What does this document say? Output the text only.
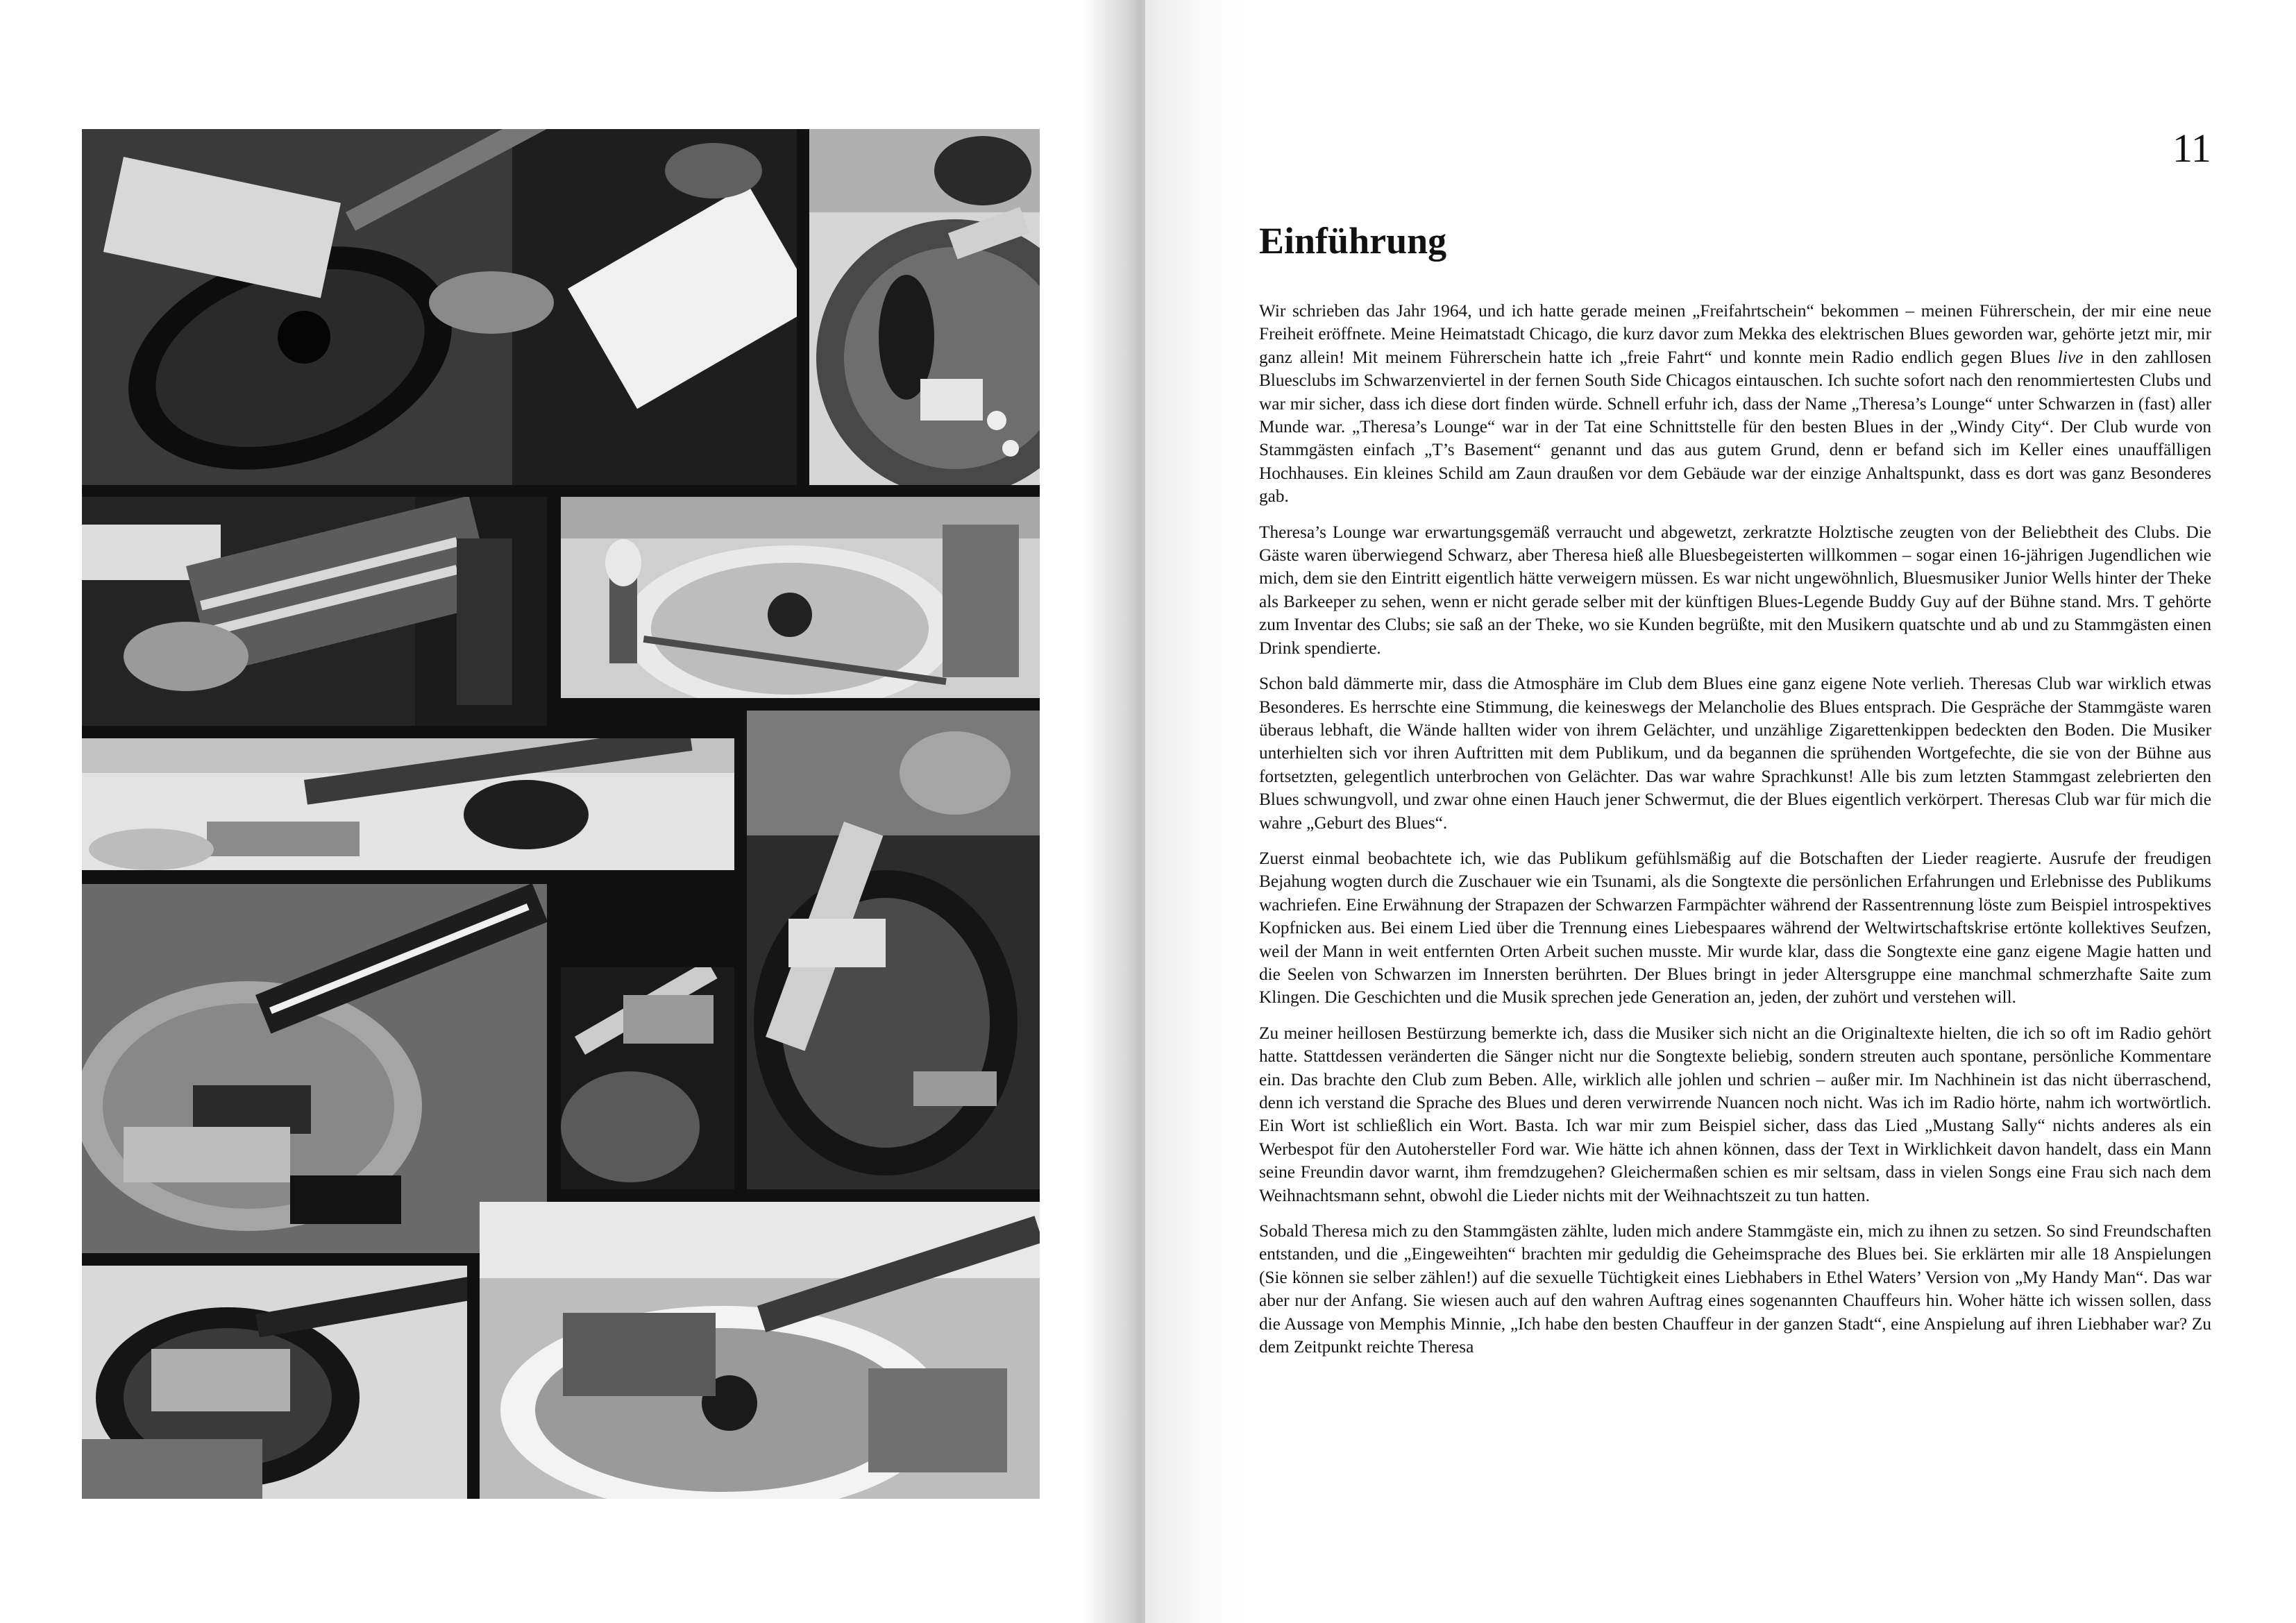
11
Einführung

Wir schrieben das Jahr 1964, und ich hatte gerade meinen „Freifahrtschein“ bekommen – meinen Führerschein, der mir eine neue Freiheit eröffnete. Meine Heimatstadt Chicago, die kurz davor zum Mekka des elektrischen Blues geworden war, gehörte jetzt mir, mir ganz allein! Mit meinem Führerschein hatte ich „freie Fahrt“ und konnte mein Radio endlich gegen Blues live in den zahllosen Bluesclubs im Schwarzenviertel in der fernen South Side Chicagos eintauschen. Ich suchte sofort nach den renommiertesten Clubs und war mir sicher, dass ich diese dort finden würde. Schnell erfuhr ich, dass der Name „Theresa’s Lounge“ unter Schwarzen in (fast) aller Munde war. „Theresa’s Lounge“ war in der Tat eine Schnittstelle für den besten Blues in der „Windy City“. Der Club wurde von Stammgästen einfach „T’s Basement“ genannt und das aus gutem Grund, denn er befand sich im Keller eines unauffälligen Hochhauses. Ein kleines Schild am Zaun draußen vor dem Gebäude war der einzige Anhaltspunkt, dass es dort was ganz Besonderes gab.

Theresa’s Lounge war erwartungsgemäß verraucht und abgewetzt, zerkratzte Holztische zeugten von der Beliebtheit des Clubs. Die Gäste waren überwiegend Schwarz, aber Theresa hieß alle Bluesbegeisterten willkommen – sogar einen 16-jährigen Jugendlichen wie mich, dem sie den Eintritt eigentlich hätte verweigern müssen. Es war nicht ungewöhnlich, Bluesmusiker Junior Wells hinter der Theke als Barkeeper zu sehen, wenn er nicht gerade selber mit der künftigen Blues-Legende Buddy Guy auf der Bühne stand. Mrs. T gehörte zum Inventar des Clubs; sie saß an der Theke, wo sie Kunden begrüßte, mit den Musikern quatschte und ab und zu Stammgästen einen Drink spendierte.

Schon bald dämmerte mir, dass die Atmosphäre im Club dem Blues eine ganz eigene Note verlieh. Theresas Club war wirklich etwas Besonderes. Es herrschte eine Stimmung, die keineswegs der Melancholie des Blues entsprach. Die Gespräche der Stammgäste waren überaus lebhaft, die Wände hallten wider von ihrem Gelächter, und unzählige Zigarettenkippen bedeckten den Boden. Die Musiker unterhielten sich vor ihren Auftritten mit dem Publikum, und da begannen die sprühenden Wortgefechte, die sie von der Bühne aus fortsetzten, gelegentlich unterbrochen von Gelächter. Das war wahre Sprachkunst! Alle bis zum letzten Stammgast zelebrierten den Blues schwungvoll, und zwar ohne einen Hauch jener Schwermut, die der Blues eigentlich verkörpert. Theresas Club war für mich die wahre „Geburt des Blues“.

Zuerst einmal beobachtete ich, wie das Publikum gefühlsmäßig auf die Botschaften der Lieder reagierte. Ausrufe der freudigen Bejahung wogten durch die Zuschauer wie ein Tsunami, als die Songtexte die persönlichen Erfahrungen und Erlebnisse des Publikums wachriefen. Eine Erwähnung der Strapazen der Schwarzen Farmpächter während der Rassentrennung löste zum Beispiel introspektives Kopfnicken aus. Bei einem Lied über die Trennung eines Liebespaares während der Weltwirtschaftskrise ertönte kollektives Seufzen, weil der Mann in weit entfernten Orten Arbeit suchen musste. Mir wurde klar, dass die Songtexte eine ganz eigene Magie hatten und die Seelen von Schwarzen im Innersten berührten. Der Blues bringt in jeder Altersgruppe eine manchmal schmerzhafte Saite zum Klingen. Die Geschichten und die Musik sprechen jede Generation an, jeden, der zuhört und verstehen will.

Zu meiner heillosen Bestürzung bemerkte ich, dass die Musiker sich nicht an die Originaltexte hielten, die ich so oft im Radio gehört hatte. Stattdessen veränderten die Sänger nicht nur die Songtexte beliebig, sondern streuten auch spontane, persönliche Kommentare ein. Das brachte den Club zum Beben. Alle, wirklich alle johlen und schrien – außer mir. Im Nachhinein ist das nicht überraschend, denn ich verstand die Sprache des Blues und deren verwirrende Nuancen noch nicht. Was ich im Radio hörte, nahm ich wortwörtlich. Ein Wort ist schließlich ein Wort. Basta. Ich war mir zum Beispiel sicher, dass das Lied „Mustang Sally“ nichts anderes als ein Werbespot für den Autohersteller Ford war. Wie hätte ich ahnen können, dass der Text in Wirklichkeit davon handelt, dass ein Mann seine Freundin davor warnt, ihm fremdzugehen? Gleichermaßen schien es mir seltsam, dass in vielen Songs eine Frau sich nach dem Weihnachtsmann sehnt, obwohl die Lieder nichts mit der Weihnachtszeit zu tun hatten.

Sobald Theresa mich zu den Stammgästen zählte, luden mich andere Stammgäste ein, mich zu ihnen zu setzen. So sind Freundschaften entstanden, und die „Eingeweihten“ brachten mir geduldig die Geheimsprache des Blues bei. Sie erklärten mir alle 18 Anspielungen (Sie können sie selber zählen!) auf die sexuelle Tüchtigkeit eines Liebhabers in Ethel Waters’ Version von „My Handy Man“. Das war aber nur der Anfang. Sie wiesen auch auf den wahren Auftrag eines sogenannten Chauffeurs hin. Woher hätte ich wissen sollen, dass die Aussage von Memphis Minnie, „Ich habe den besten Chauffeur in der ganzen Stadt“, eine Anspielung auf ihren Liebhaber war? Zu dem Zeitpunkt reichte Theresa
